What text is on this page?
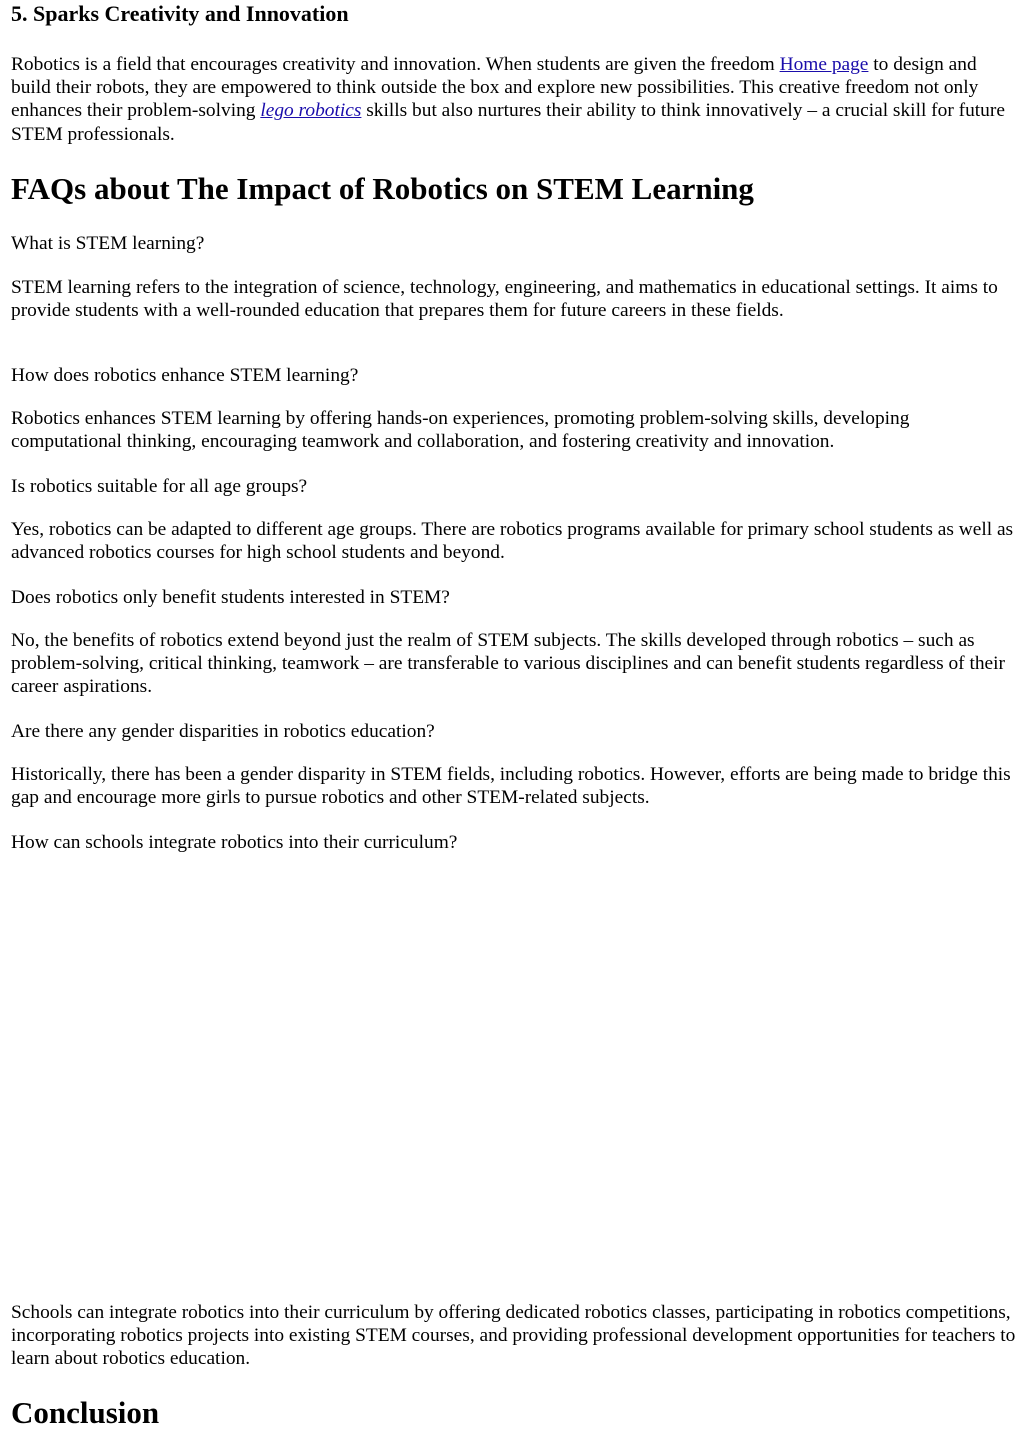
5. Sparks Creativity and Innovation

Robotics is a field that encourages creativity and innovation. When students are given the freedom Home page to design and build their robots, they are empowered to think outside the box and explore new possibilities. This creative freedom not only enhances their problem-solving lego robotics skills but also nurtures their ability to think innovatively – a crucial skill for future STEM professionals.

FAQs about The Impact of Robotics on STEM Learning

What is STEM learning?

STEM learning refers to the integration of science, technology, engineering, and mathematics in educational settings. It aims to provide students with a well-rounded education that prepares them for future careers in these fields.

How does robotics enhance STEM learning?

Robotics enhances STEM learning by offering hands-on experiences, promoting problem-solving skills, developing computational thinking, encouraging teamwork and collaboration, and fostering creativity and innovation.

Is robotics suitable for all age groups?

Yes, robotics can be adapted to different age groups. There are robotics programs available for primary school students as well as advanced robotics courses for high school students and beyond.

Does robotics only benefit students interested in STEM?

No, the benefits of robotics extend beyond just the realm of STEM subjects. The skills developed through robotics – such as problem-solving, critical thinking, teamwork – are transferable to various disciplines and can benefit students regardless of their career aspirations.

Are there any gender disparities in robotics education?

Historically, there has been a gender disparity in STEM fields, including robotics. However, efforts are being made to bridge this gap and encourage more girls to pursue robotics and other STEM-related subjects.

How can schools integrate robotics into their curriculum?

Schools can integrate robotics into their curriculum by offering dedicated robotics classes, participating in robotics competitions, incorporating robotics projects into existing STEM courses, and providing professional development opportunities for teachers to learn about robotics education.

Conclusion
